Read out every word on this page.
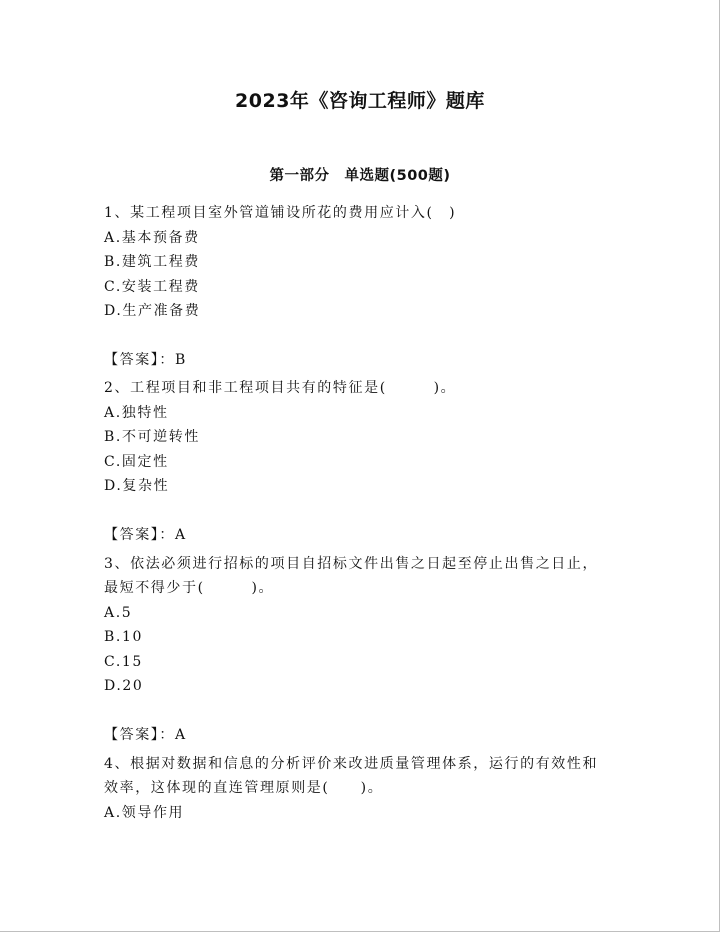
2023年《咨询工程师》题库
第一部分　单选题(500题)

1、某工程项目室外管道铺设所花的费用应计入(　)

A.基本预备费

B.建筑工程费

C.安装工程费

D.生产准备费

【答案】：B

2、工程项目和非工程项目共有的特征是(　　　)。

A.独特性

B.不可逆转性

C.固定性

D.复杂性

【答案】：A

3、依法必须进行招标的项目自招标文件出售之日起至停止出售之日止，最短不得少于(　　　)。

A.5

B.10

C.15

D.20

【答案】：A

4、根据对数据和信息的分析评价来改进质量管理体系，运行的有效性和效率，这体现的直连管理原则是(　　)。

A.领导作用
